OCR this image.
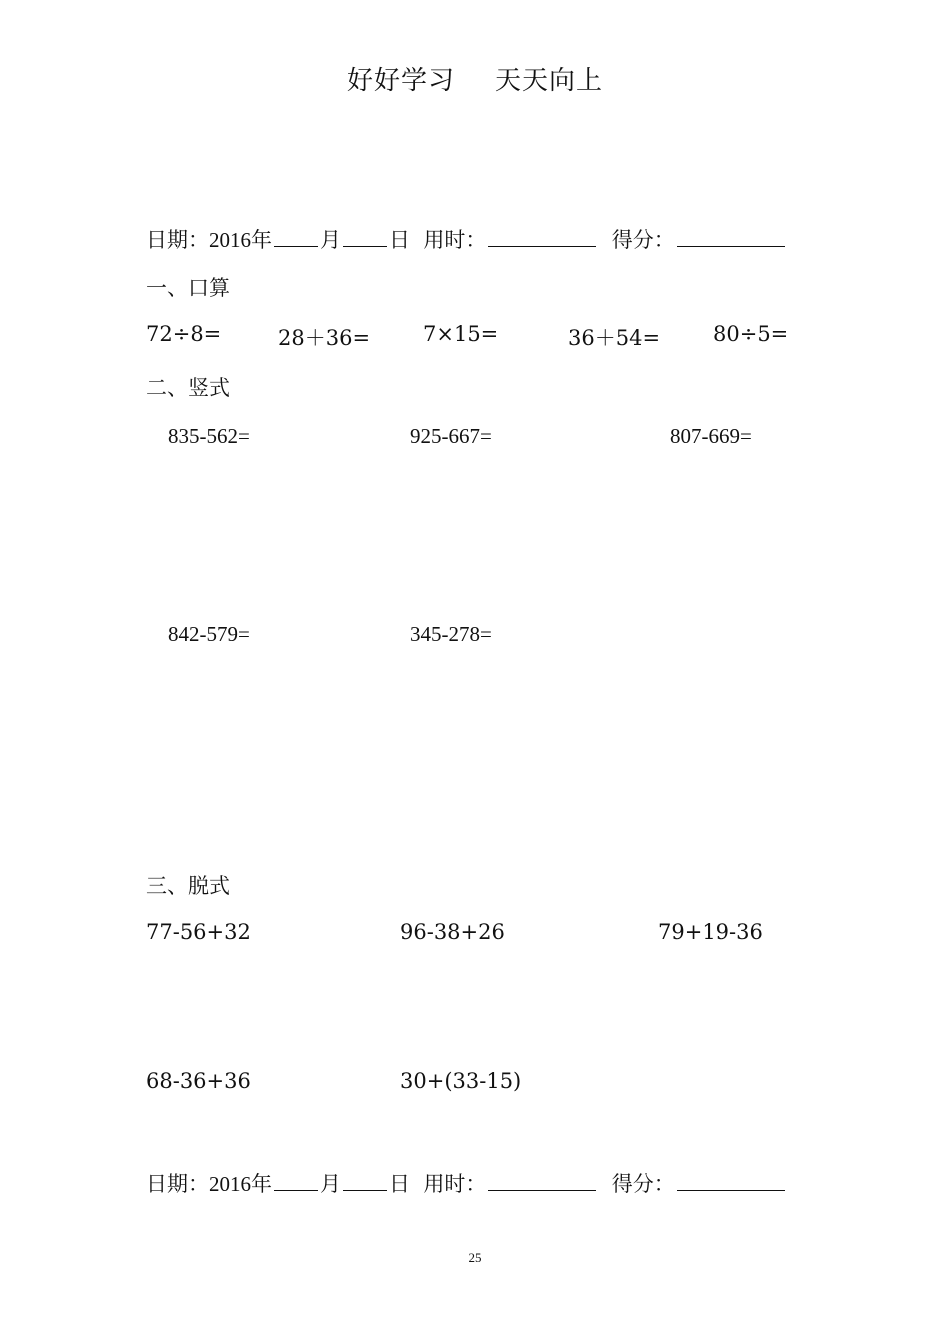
好好学习 天天向上
日期：2016年 月 日 用时：	得分：
一、口算
72÷8=	28＋36=	7×15=	36＋54=	80÷5=
二、竖式
835-562=	925-667=	807-669=
842-579=	345-278=
三、脱式
77-56+32	96-38+26	79+19-36
68-36+36	30+(33-15)
日期：2016年 月 日 用时：	得分：
25
